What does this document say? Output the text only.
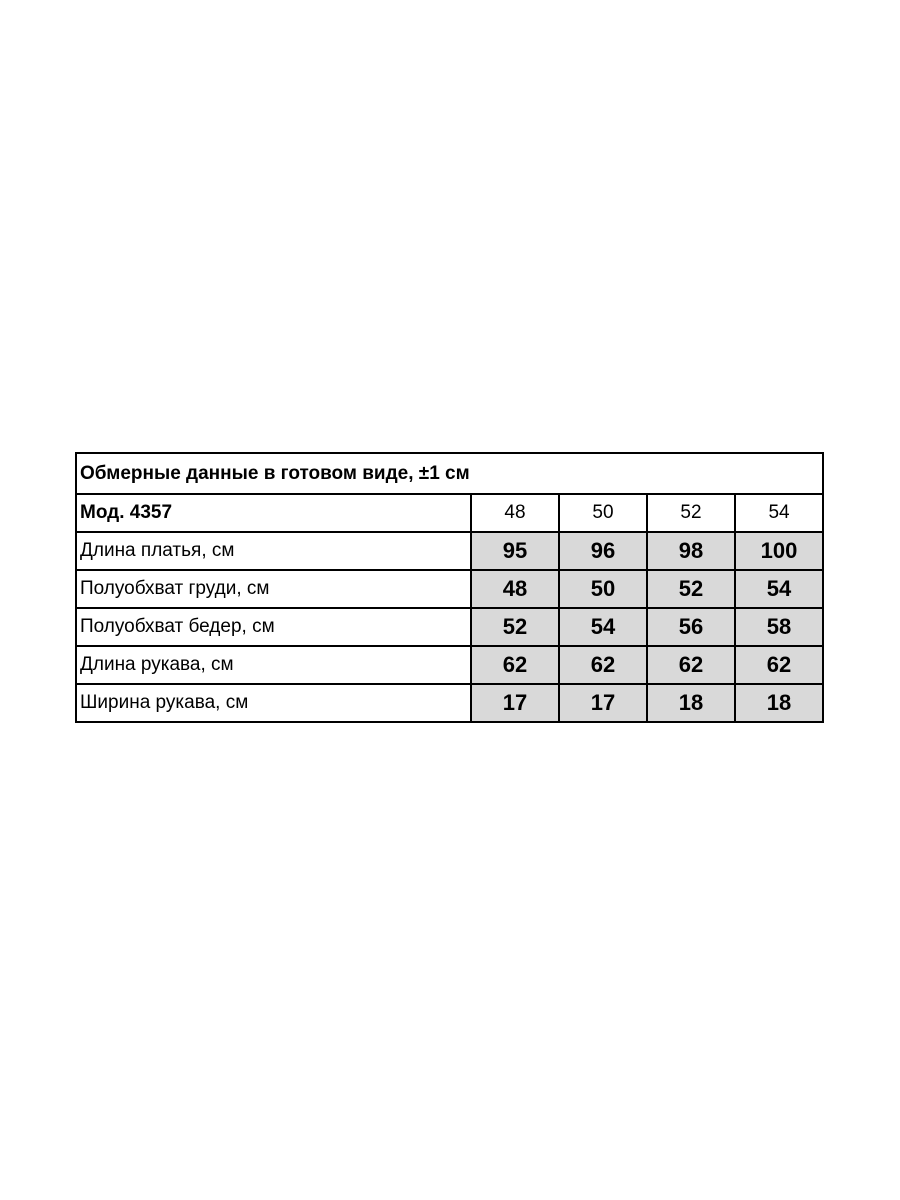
Обмерные данные в готовом виде, ±1 см				
Мод. 4357	48	50	52	54
Длина платья, см	95	96	98	100
Полуобхват груди, см	48	50	52	54
Полуобхват бедер, см	52	54	56	58
Длина рукава, см	62	62	62	62
Ширина рукава, см	17	17	18	18
